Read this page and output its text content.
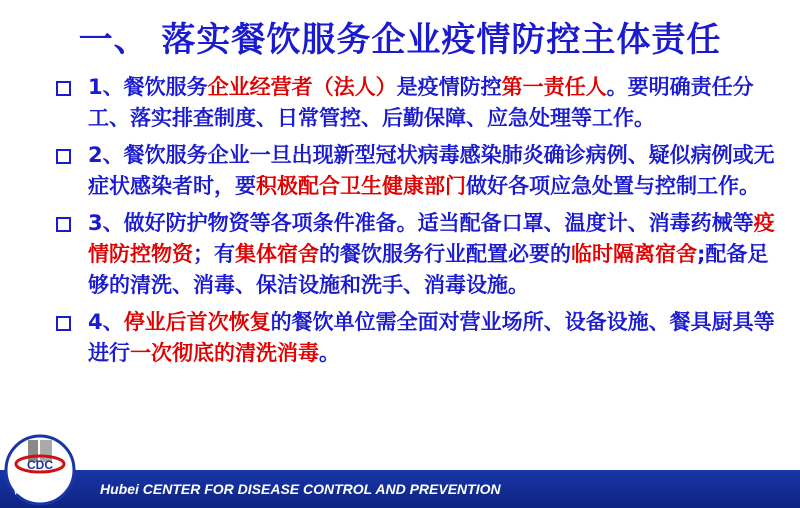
一、 落实餐饮服务企业疫情防控主体责任
1、餐饮服务企业经营者（法人）是疫情防控第一责任人。要明确责任分工、落实排查制度、日常管控、后勤保障、应急处理等工作。
2、餐饮服务企业一旦出现新型冠状病毒感染肺炎确诊病例、疑似病例或无症状感染者时，要积极配合卫生健康部门做好各项应急处置与控制工作。
3、做好防护物资等各项条件准备。适当配备口罩、温度计、消毒药械等疫情防控物资；有集体宿舍的餐饮服务行业配置必要的临时隔离宿舍;配备足够的清洗、消毒、保洁设施和洗手、消毒设施。
4、停业后首次恢复的餐饮单位需全面对营业场所、设备设施、餐具厨具等进行一次彻底的清洗消毒。
Hubei CENTER FOR DISEASE CONTROL AND PREVENTION
CDC
湖北疾控
